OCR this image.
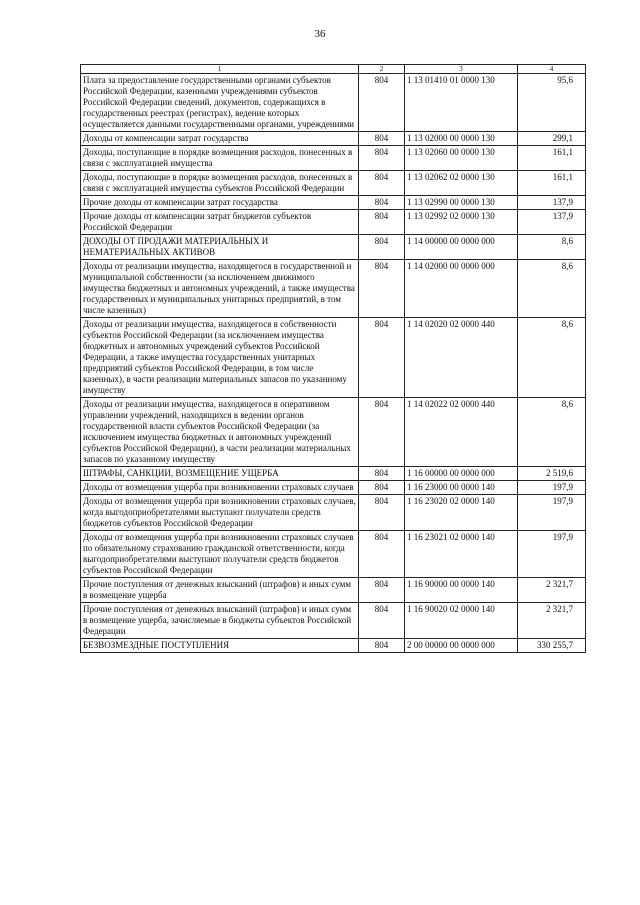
36
1	2	3	4
Плата за предоставление государственными органами субъектов Российской Федерации, казенными учреждениями субъектов Российской Федерации сведений, документов, содержащихся в государственных реестрах (регистрах), ведение которых осуществляется данными государственными органами, учреждениями	804	1 13 01410 01 0000 130	95,6
Доходы от компенсации затрат государства	804	1 13 02000 00 0000 130	299,1
Доходы, поступающие в порядке возмещения расходов, понесенных в связи с эксплуатацией имущества	804	1 13 02060 00 0000 130	161,1
Доходы, поступающие в порядке возмещения расходов, понесенных в связи с эксплуатацией имущества субъектов Российской Федерации	804	1 13 02062 02 0000 130	161,1
Прочие доходы от компенсации затрат государства	804	1 13 02990 00 0000 130	137,9
Прочие доходы от компенсации затрат бюджетов субъектов Российской Федерации	804	1 13 02992 02 0000 130	137,9
ДОХОДЫ ОТ ПРОДАЖИ МАТЕРИАЛЬНЫХ И НЕМАТЕРИАЛЬНЫХ АКТИВОВ	804	1 14 00000 00 0000 000	8,6
Доходы от реализации имущества, находящегося в государственной и муниципальной собственности (за исключением движимого имущества бюджетных и автономных учреждений, а также имущества государственных и муниципальных унитарных предприятий, в том числе казенных)	804	1 14 02000 00 0000 000	8,6
Доходы от реализации имущества, находящегося в собственности субъектов Российской Федерации (за исключением имущества бюджетных и автономных учреждений субъектов Российской Федерации, а также имущества государственных унитарных предприятий субъектов Российской Федерации, в том числе казенных), в части реализации материальных запасов по указанному имуществу	804	1 14 02020 02 0000 440	8,6
Доходы от реализации имущества, находящегося в оперативном управлении учреждений, находящихся в ведении органов государственной власти субъектов Российской Федерации (за исключением имущества бюджетных и автономных учреждений субъектов Российской Федерации), в части реализации материальных запасов по указанному имуществу	804	1 14 02022 02 0000 440	8,6
ШТРАФЫ, САНКЦИИ, ВОЗМЕЩЕНИЕ УЩЕРБА	804	1 16 00000 00 0000 000	2 519,6
Доходы от возмещения ущерба при возникновении страховых случаев	804	1 16 23000 00 0000 140	197,9
Доходы от возмещения ущерба при возникновении страховых случаев, когда выгодоприобретателями выступают получатели средств бюджетов субъектов Российской Федерации	804	1 16 23020 02 0000 140	197,9
Доходы от возмещения ущерба при возникновении страховых случаев по обязательному страхованию гражданской ответственности, когда выгодоприобретателями выступают получатели средств бюджетов субъектов Российской Федерации	804	1 16 23021 02 0000 140	197,9
Прочие поступления от денежных взысканий (штрафов) и иных сумм в возмещение ущерба	804	1 16 90000 00 0000 140	2 321,7
Прочие поступления от денежных взысканий (штрафов) и иных сумм в возмещение ущерба, зачисляемые в бюджеты субъектов Российской Федерации	804	1 16 90020 02 0000 140	2 321,7
БЕЗВОЗМЕЗДНЫЕ ПОСТУПЛЕНИЯ	804	2 00 00000 00 0000 000	330 255,7
